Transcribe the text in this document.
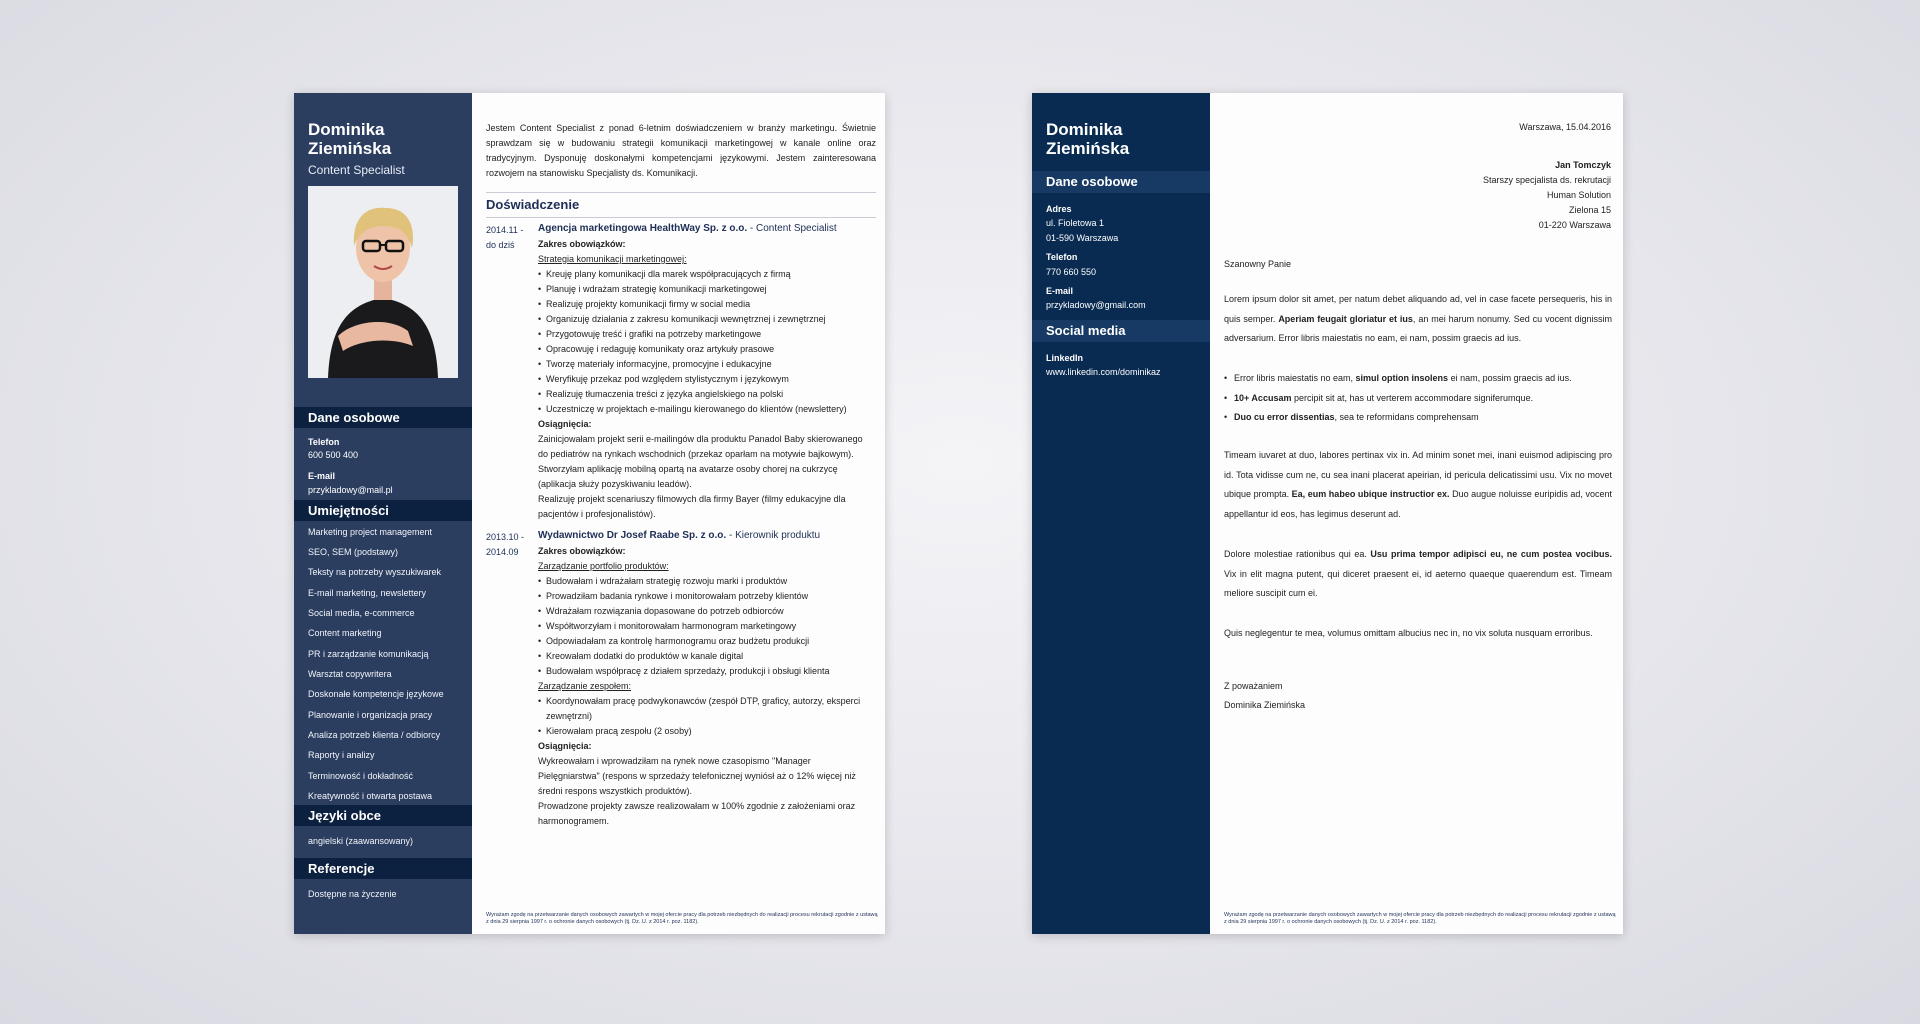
Dominika Ziemińska
Content Specialist
Dane osobowe
Telefon
600 500 400
E-mail
przykladowy@mail.pl
Umiejętności
Marketing project management
SEO, SEM (podstawy)
Teksty na potrzeby wyszukiwarek
E-mail marketing, newslettery
Social media, e-commerce
Content marketing
PR i zarządzanie komunikacją
Warsztat copywritera
Doskonałe kompetencje językowe
Planowanie i organizacja pracy
Analiza potrzeb klienta / odbiorcy
Raporty i analizy
Terminowość i dokładność
Kreatywność i otwarta postawa
Języki obce
angielski (zaawansowany)
Referencje
Dostępne na życzenie
Jestem Content Specialist z ponad 6-letnim doświadczeniem w branży marketingu. Świetnie sprawdzam się w budowaniu strategii komunikacji marketingowej w kanale online oraz tradycyjnym. Dysponuję doskonałymi kompetencjami językowymi. Jestem zainteresowana rozwojem na stanowisku Specjalisty ds. Komunikacji.
Doświadczenie
2014.11 -
do dziś
Agencja marketingowa HealthWay Sp. z o.o. - Content Specialist
Zakres obowiązków:
Strategia komunikacji marketingowej:
• Kreuję plany komunikacji dla marek współpracujących z firmą
• Planuję i wdrażam strategię komunikacji marketingowej
• Realizuję projekty komunikacji firmy w social media
• Organizuję działania z zakresu komunikacji wewnętrznej i zewnętrznej
• Przygotowuję treść i grafiki na potrzeby marketingowe
• Opracowuję i redaguję komunikaty oraz artykuły prasowe
• Tworzę materiały informacyjne, promocyjne i edukacyjne
• Weryfikuję przekaz pod względem stylistycznym i językowym
• Realizuję tłumaczenia treści z języka angielskiego na polski
• Uczestniczę w projektach e-mailingu kierowanego do klientów (newslettery)
Osiągnięcia:
Zainicjowałam projekt serii e-mailingów dla produktu Panadol Baby skierowanego
do pediatrów na rynkach wschodnich (przekaz oparłam na motywie bajkowym).
Stworzyłam aplikację mobilną opartą na avatarze osoby chorej na cukrzycę
(aplikacja służy pozyskiwaniu leadów).
Realizuję projekt scenariuszy filmowych dla firmy Bayer (filmy edukacyjne dla
pacjentów i profesjonalistów).
2013.10 -
2014.09
Wydawnictwo Dr Josef Raabe Sp. z o.o. - Kierownik produktu
Zakres obowiązków:
Zarządzanie portfolio produktów:
• Budowałam i wdrażałam strategię rozwoju marki i produktów
• Prowadziłam badania rynkowe i monitorowałam potrzeby klientów
• Wdrażałam rozwiązania dopasowane do potrzeb odbiorców
• Współtworzyłam i monitorowałam harmonogram marketingowy
• Odpowiadałam za kontrolę harmonogramu oraz budżetu produkcji
• Kreowałam dodatki do produktów w kanale digital
• Budowałam współpracę z działem sprzedaży, produkcji i obsługi klienta
Zarządzanie zespołem:
• Koordynowałam pracę podwykonawców (zespół DTP, graficy, autorzy, eksperci
zewnętrzni)
• Kierowałam pracą zespołu (2 osoby)
Osiągnięcia:
Wykreowałam i wprowadziłam na rynek nowe czasopismo "Manager
Pielęgniarstwa" (respons w sprzedaży telefonicznej wyniósł aż o 12% więcej niż
średni respons wszystkich produktów).
Prowadzone projekty zawsze realizowałam w 100% zgodnie z założeniami oraz
harmonogramem.
Wyrażam zgodę na przetwarzanie danych osobowych zawartych w mojej ofercie pracy dla potrzeb niezbędnych do realizacji procesu rekrutacji zgodnie z ustawą z dnia 29 sierpnia 1997 r. o ochronie danych osobowych (tj. Dz. U. z 2014 r. poz. 1182).
Dominika Ziemińska
Dane osobowe
Adres
ul. Fioletowa 1
01-590 Warszawa
Telefon
770 660 550
E-mail
przykladowy@gmail.com
Social media
LinkedIn
www.linkedin.com/dominikaz
Warszawa, 15.04.2016
Jan Tomczyk
Starszy specjalista ds. rekrutacji
Human Solution
Zielona 15
01-220 Warszawa
Szanowny Panie
Lorem ipsum dolor sit amet, per natum debet aliquando ad, vel in case facete persequeris, his in quis semper. Aperiam feugait gloriatur et ius, an mei harum nonumy. Sed cu vocent dignissim adversarium. Error libris maiestatis no eam, ei nam, possim graecis ad ius.
• Error libris maiestatis no eam, simul option insolens ei nam, possim graecis ad ius.
• 10+ Accusam percipit sit at, has ut verterem accommodare signiferumque.
• Duo cu error dissentias, sea te reformidans comprehensam
Timeam iuvaret at duo, labores pertinax vix in. Ad minim sonet mei, inani euismod adipiscing pro id. Tota vidisse cum ne, cu sea inani placerat apeirian, id pericula delicatissimi usu. Vix no movet ubique prompta. Ea, eum habeo ubique instructior ex. Duo augue noluisse euripidis ad, vocent appellantur id eos, has legimus deserunt ad.
Dolore molestiae rationibus qui ea. Usu prima tempor adipisci eu, ne cum postea vocibus. Vix in elit magna putent, qui diceret praesent ei, id aeterno quaeque quaerendum est. Timeam meliore suscipit cum ei.
Quis neglegentur te mea, volumus omittam albucius nec in, no vix soluta nusquam erroribus.
Z poważaniem
Dominika Ziemińska
Wyrażam zgodę na przetwarzanie danych osobowych zawartych w mojej ofercie pracy dla potrzeb niezbędnych do realizacji procesu rekrutacji zgodnie z ustawą z dnia 29 sierpnia 1997 r. o ochronie danych osobowych (tj. Dz. U. z 2014 r. poz. 1182).
